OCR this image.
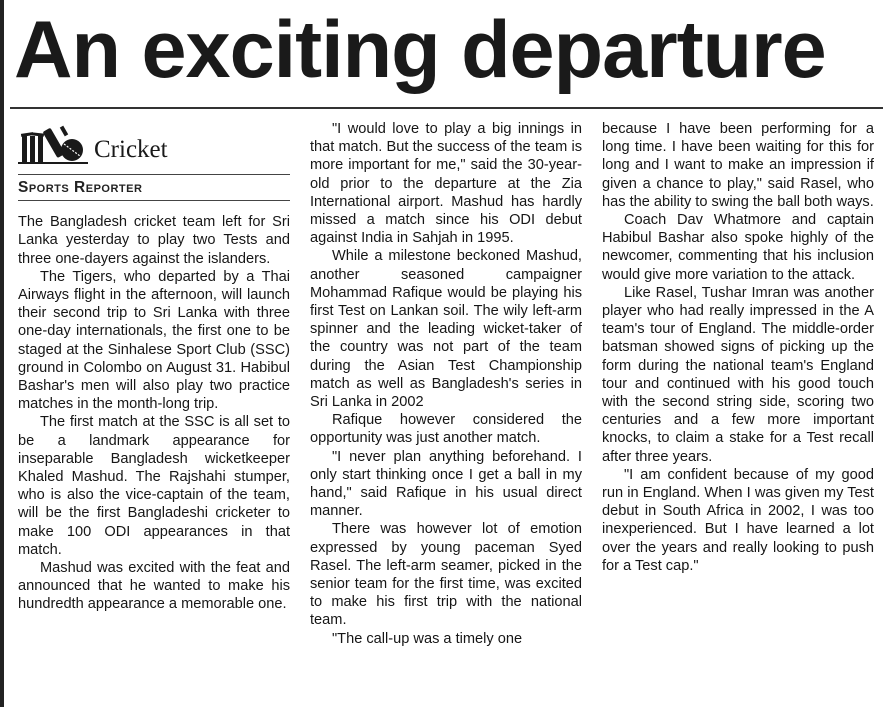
An exciting departure
Cricket
Sports Reporter

The Bangladesh cricket team left for Sri Lanka yesterday to play two Tests and three one-dayers against the islanders.

The Tigers, who departed by a Thai Airways flight in the afternoon, will launch their second trip to Sri Lanka with three one-day internationals, the first one to be staged at the Sinhalese Sport Club (SSC) ground in Colombo on August 31. Habibul Bashar's men will also play two practice matches in the month-long trip.

The first match at the SSC is all set to be a landmark appearance for inseparable Bangladesh wicketkeeper Khaled Mashud. The Rajshahi stumper, who is also the vice-captain of the team, will be the first Bangladeshi cricketer to make 100 ODI appearances in that match.

Mashud was excited with the feat and announced that he wanted to make his hundredth appearance a memorable one.

"I would love to play a big innings in that match. But the success of the team is more important for me," said the 30-year-old prior to the departure at the Zia International airport. Mashud has hardly missed a match since his ODI debut against India in Sahjah in 1995.

While a milestone beckoned Mashud, another seasoned campaigner Mohammad Rafique would be playing his first Test on Lankan soil. The wily left-arm spinner and the leading wicket-taker of the country was not part of the team during the Asian Test Championship match as well as Bangladesh's series in Sri Lanka in 2002

Rafique however considered the opportunity was just another match.

"I never plan anything beforehand. I only start thinking once I get a ball in my hand," said Rafique in his usual direct manner.

There was however lot of emotion expressed by young paceman Syed Rasel. The left-arm seamer, picked in the senior team for the first time, was excited to make his first trip with the national team.

"The call-up was a timely one

because I have been performing for a long time. I have been waiting for this for long and I want to make an impression if given a chance to play," said Rasel, who has the ability to swing the ball both ways.

Coach Dav Whatmore and captain Habibul Bashar also spoke highly of the newcomer, commenting that his inclusion would give more variation to the attack.

Like Rasel, Tushar Imran was another player who had really impressed in the A team's tour of England. The middle-order batsman showed signs of picking up the form during the national team's England tour and continued with his good touch with the second string side, scoring two centuries and a few more important knocks, to claim a stake for a Test recall after three years.

"I am confident because of my good run in England. When I was given my Test debut in South Africa in 2002, I was too inexperienced. But I have learned a lot over the years and really looking to push for a Test cap."
